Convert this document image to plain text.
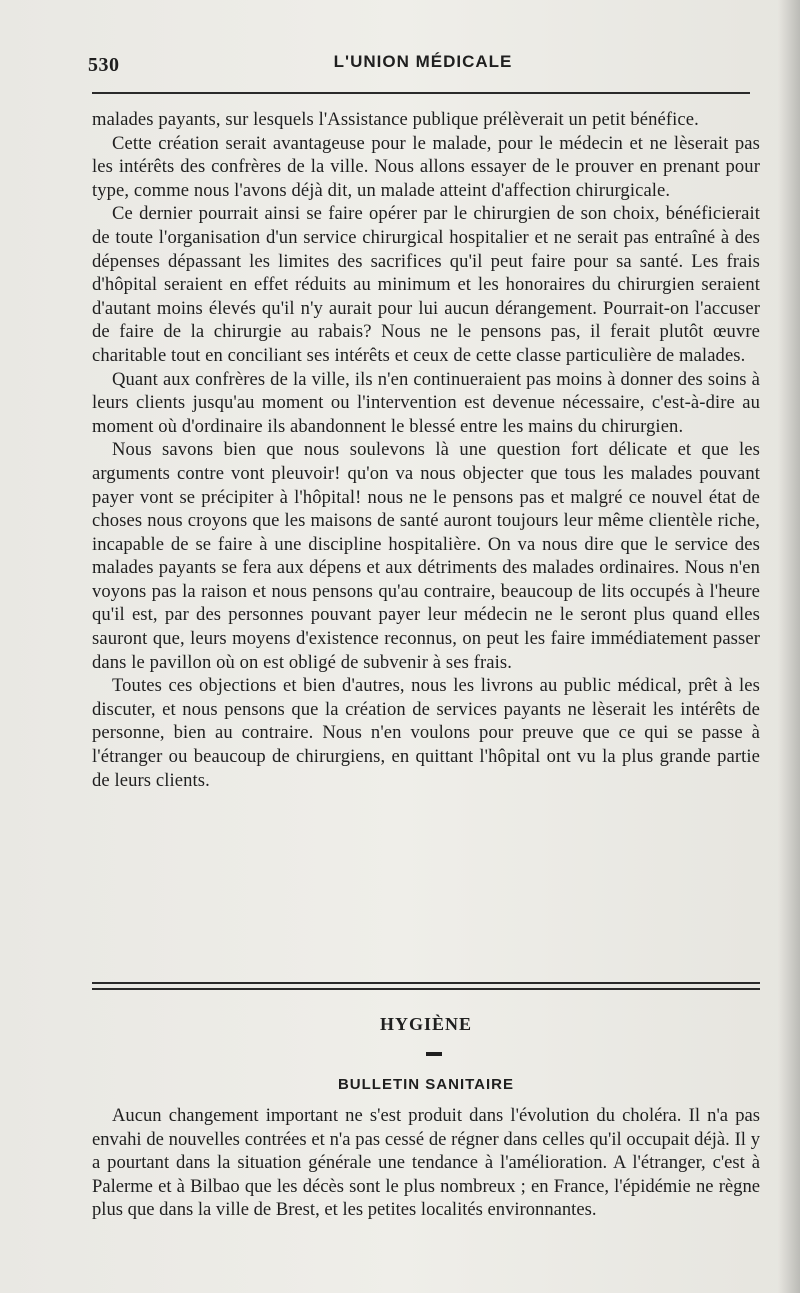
530	L'UNION MÉDICALE

malades payants, sur lesquels l'Assistance publique prélèverait un petit bénéfice.

Cette création serait avantageuse pour le malade, pour le médecin et ne lèserait pas les intérêts des confrères de la ville. Nous allons essayer de le prouver en prenant pour type, comme nous l'avons déjà dit, un malade atteint d'affection chirurgicale.

Ce dernier pourrait ainsi se faire opérer par le chirurgien de son choix, bénéficierait de toute l'organisation d'un service chirurgical hospitalier et ne serait pas entraîné à des dépenses dépassant les limites des sacrifices qu'il peut faire pour sa santé. Les frais d'hôpital seraient en effet réduits au minimum et les honoraires du chirurgien seraient d'autant moins élevés qu'il n'y aurait pour lui aucun dérangement. Pourrait-on l'accuser de faire de la chirurgie au rabais? Nous ne le pensons pas, il ferait plutôt œuvre charitable tout en conciliant ses intérêts et ceux de cette classe particulière de malades.

Quant aux confrères de la ville, ils n'en continueraient pas moins à donner des soins à leurs clients jusqu'au moment ou l'intervention est devenue nécessaire, c'est-à-dire au moment où d'ordinaire ils abandonnent le blessé entre les mains du chirurgien.

Nous savons bien que nous soulevons là une question fort délicate et que les arguments contre vont pleuvoir! qu'on va nous objecter que tous les malades pouvant payer vont se précipiter à l'hôpital! nous ne le pensons pas et malgré ce nouvel état de choses nous croyons que les maisons de santé auront toujours leur même clientèle riche, incapable de se faire à une discipline hospitalière. On va nous dire que le service des malades payants se fera aux dépens et aux détriments des malades ordinaires. Nous n'en voyons pas la raison et nous pensons qu'au contraire, beaucoup de lits occupés à l'heure qu'il est, par des personnes pouvant payer leur médecin ne le seront plus quand elles sauront que, leurs moyens d'existence reconnus, on peut les faire immédiatement passer dans le pavillon où on est obligé de subvenir à ses frais.

Toutes ces objections et bien d'autres, nous les livrons au public médical, prêt à les discuter, et nous pensons que la création de services payants ne lèserait les intérêts de personne, bien au contraire. Nous n'en voulons pour preuve que ce qui se passe à l'étranger ou beaucoup de chirurgiens, en quittant l'hôpital ont vu la plus grande partie de leurs clients.

HYGIÈNE
BULLETIN SANITAIRE

Aucun changement important ne s'est produit dans l'évolution du choléra. Il n'a pas envahi de nouvelles contrées et n'a pas cessé de régner dans celles qu'il occupait déjà. Il y a pourtant dans la situation générale une tendance à l'amélioration. A l'étranger, c'est à Palerme et à Bilbao que les décès sont le plus nombreux ; en France, l'épidémie ne règne plus que dans la ville de Brest, et les petites localités environnantes.
